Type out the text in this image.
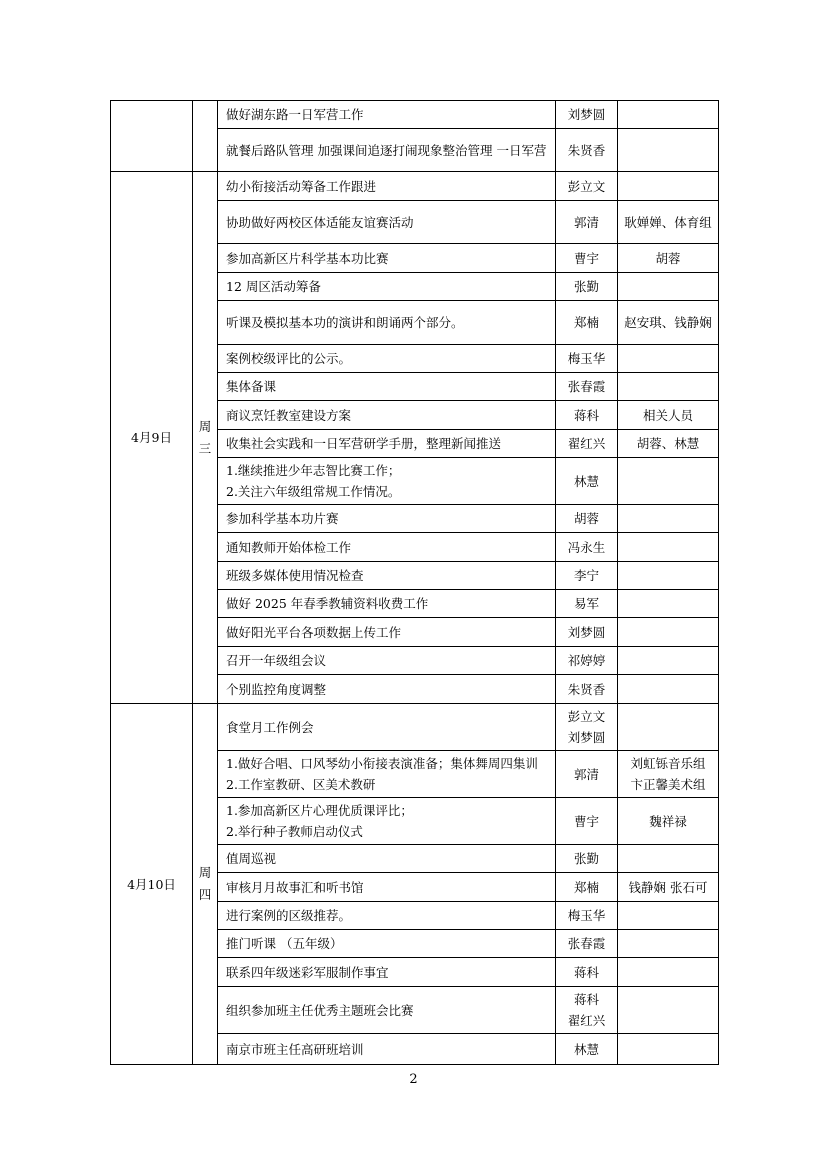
		做好湖东路一日军营工作	刘梦圆	
		就餐后路队管理 加强课间追逐打闹现象整治管理 一日军营	朱贤香	
4月9日	周三	幼小衔接活动筹备工作跟进	彭立文	
		协助做好两校区体适能友谊赛活动	郭清	耿婵婵、体育组
		参加高新区片科学基本功比赛	曹宇	胡蓉
		12 周区活动筹备	张勤	
		听课及模拟基本功的演讲和朗诵两个部分。	郑楠	赵安琪、钱静娴
		案例校级评比的公示。	梅玉华	
		集体备课	张春霞	
		商议烹饪教室建设方案	蒋科	相关人员
		收集社会实践和一日军营研学手册，整理新闻推送	翟红兴	胡蓉、林慧
		1.继续推进少年志智比赛工作；
2.关注六年级组常规工作情况。	林慧	
		参加科学基本功片赛	胡蓉	
		通知教师开始体检工作	冯永生	
		班级多媒体使用情况检查	李宁	
		做好 2025 年春季教辅资料收费工作	易军	
		做好阳光平台各项数据上传工作	刘梦圆	
		召开一年级组会议	祁婷婷	
		个别监控角度调整	朱贤香	
4月10日	周四	食堂月工作例会	彭立文
刘梦圆	
		1.做好合唱、口风琴幼小衔接表演准备；集体舞周四集训
2.工作室教研、区美术教研	郭清	刘虹铄音乐组
卞正馨美术组
		1.参加高新区片心理优质课评比；
2.举行种子教师启动仪式	曹宇	魏祥禄
		值周巡视	张勤	
		审核月月故事汇和听书馆	郑楠	钱静娴 张石可
		进行案例的区级推荐。	梅玉华	
		推门听课 （五年级）	张春霞	
		联系四年级迷彩军服制作事宜	蒋科	
		组织参加班主任优秀主题班会比赛	蒋科
翟红兴	
		南京市班主任高研班培训	林慧	
2
